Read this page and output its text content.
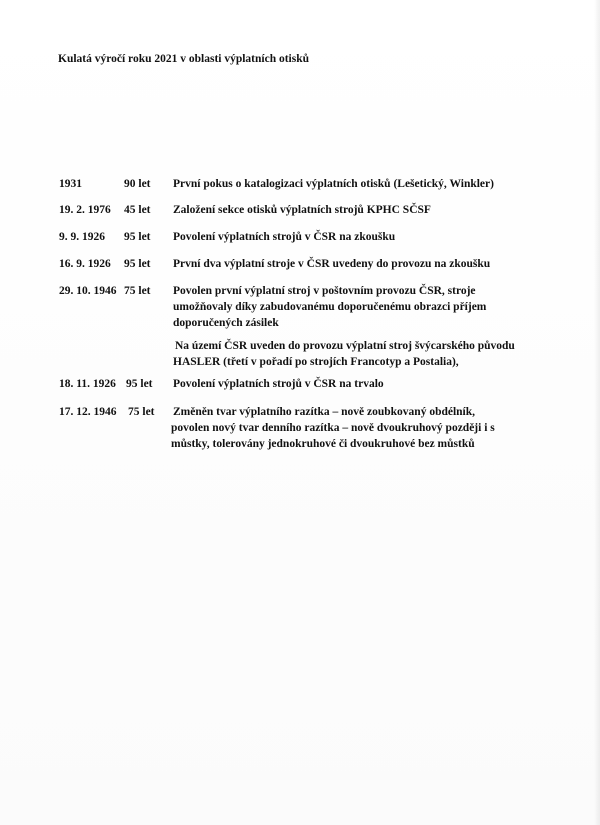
Kulatá výročí roku 2021 v oblasti výplatních otisků
1931	90 let První pokus o katalogizaci výplatních otisků (Lešetický, Winkler)
19. 2. 1976 45 let Založení sekce otisků výplatních strojů KPHC SČSF
9. 9. 1926 95 let Povolení výplatních strojů v ČSR na zkoušku
16. 9. 1926 95 let První dva výplatní stroje v ČSR uvedeny do provozu na zkoušku
29. 10. 1946 75 let Povolen první výplatní stroj v poštovním provozu ČSR, stroje
umožňovaly díky zabudovanému doporučenému obrazci příjem
doporučených zásilek
Na území ČSR uveden do provozu výplatní stroj švýcarského původu
HASLER (třetí v pořadí po strojích Francotyp a Postalia),
18. 11. 1926 95 let Povolení výplatních strojů v ČSR na trvalo
17. 12. 1946 75 let Změněn tvar výplatního razítka – nově zoubkovaný obdélník,
povolen nový tvar denního razítka – nově dvoukruhový později i s
můstky, tolerovány jednokruhové či dvoukruhové bez můstků
